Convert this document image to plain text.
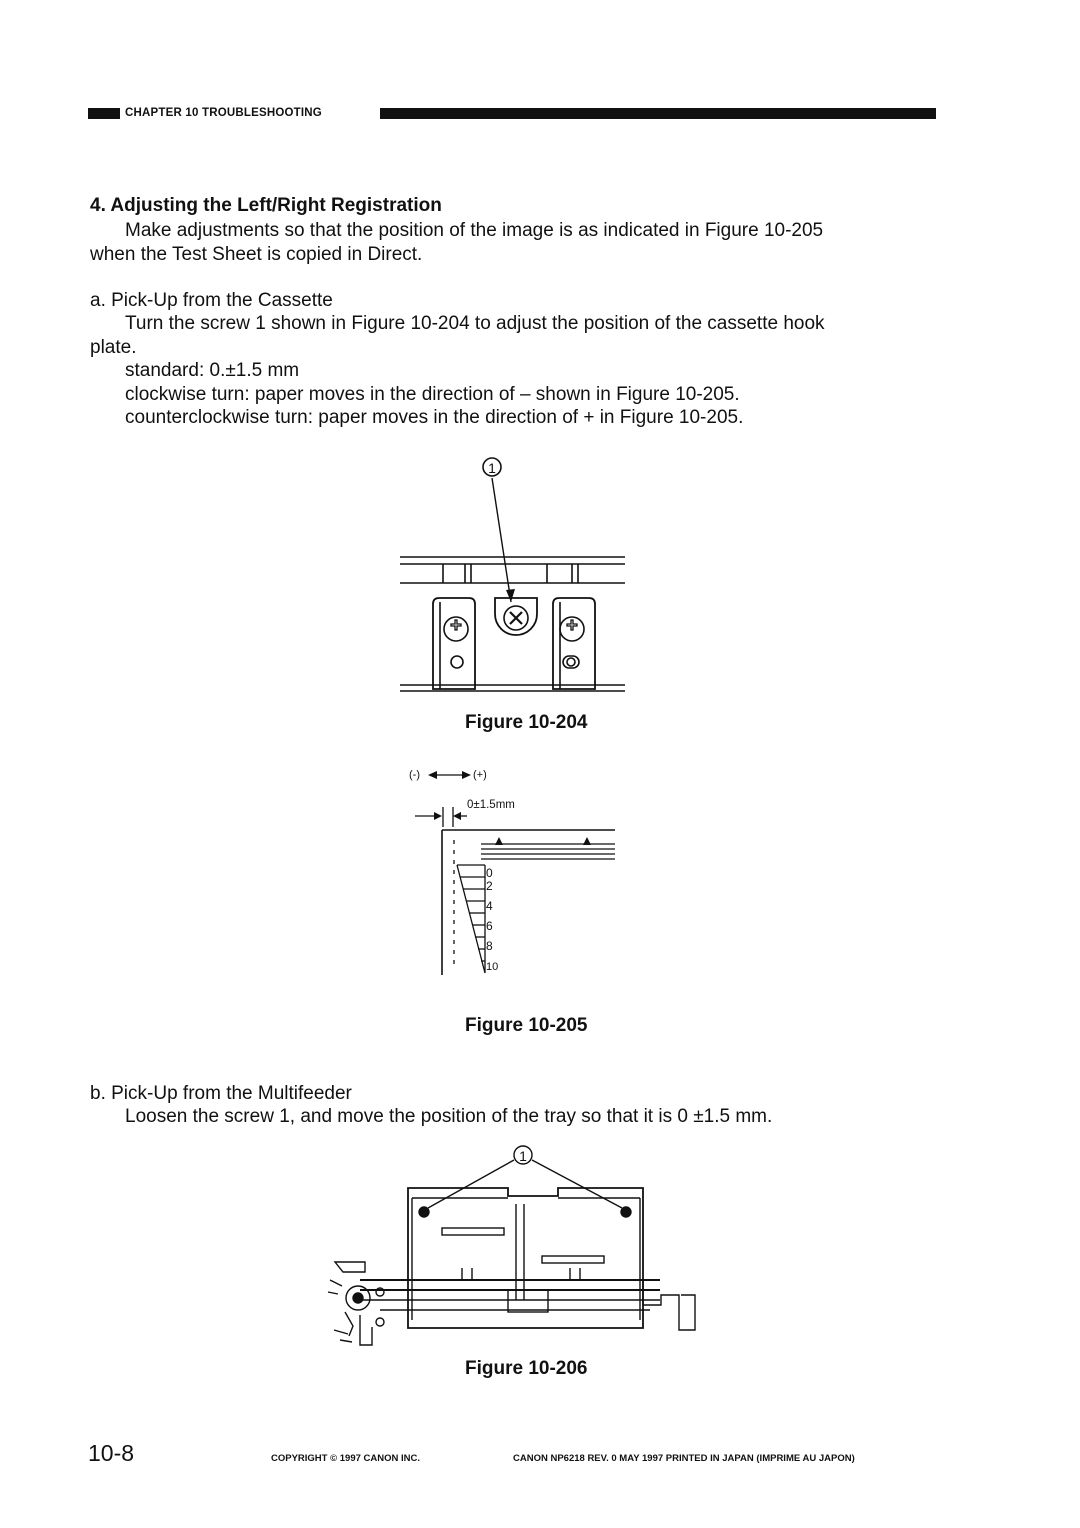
CHAPTER 10 TROUBLESHOOTING
4. Adjusting the Left/Right Registration
Make adjustments so that the position of the image is as indicated in Figure 10-205
when the Test Sheet is copied in Direct.
a. Pick-Up from the Cassette
Turn the screw 1 shown in Figure 10-204 to adjust the position of the cassette hook
plate.
standard: 0.±1.5 mm
clockwise turn: paper moves in the direction of – shown in Figure 10-205.
counterclockwise turn: paper moves in the direction of + in Figure 10-205.
1
Figure 10-204
(-)	(+)
0±1.5mm
0
2
4
6
8
10
Figure 10-205
b. Pick-Up from the Multifeeder
Loosen the screw 1, and move the position of the tray so that it is 0 ±1.5 mm.
1
Figure 10-206
10-8	COPYRIGHT © 1997 CANON INC.	CANON NP6218 REV. 0 MAY 1997 PRINTED IN JAPAN (IMPRIME AU JAPON)
